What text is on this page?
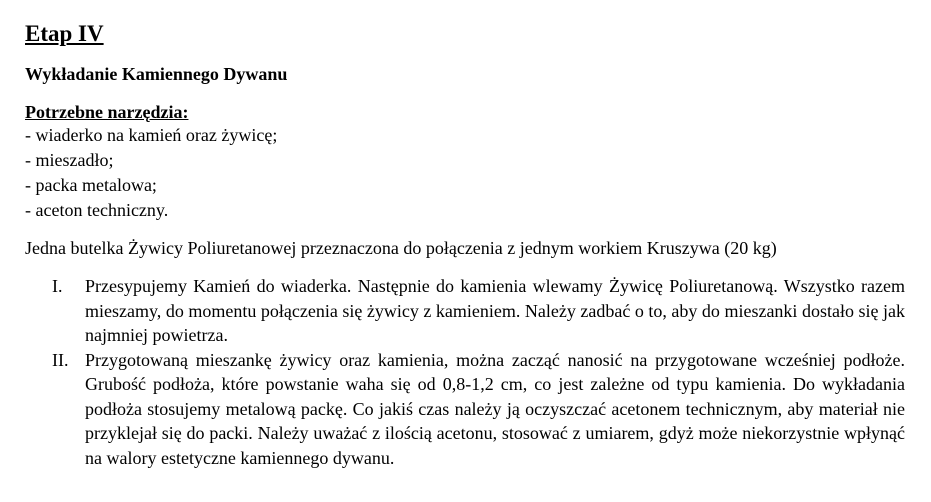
Etap IV
Wykładanie Kamiennego Dywanu
Potrzebne narzędzia:
- wiaderko na kamień oraz żywicę;
- mieszadło;
- packa metalowa;
- aceton techniczny.
Jedna butelka Żywicy Poliuretanowej przeznaczona do połączenia z jednym workiem Kruszywa (20 kg)
I. Przesypujemy Kamień do wiaderka. Następnie do kamienia wlewamy Żywicę Poliuretanową. Wszystko razem mieszamy, do momentu połączenia się żywicy z kamieniem. Należy zadbać o to, aby do mieszanki dostało się jak najmniej powietrza.
II. Przygotowaną mieszankę żywicy oraz kamienia, można zacząć nanosić na przygotowane wcześniej podłoże. Grubość podłoża, które powstanie waha się od 0,8-1,2 cm, co jest zależne od typu kamienia. Do wykładania podłoża stosujemy metalową packę. Co jakiś czas należy ją oczyszczać acetonem technicznym, aby materiał nie przyklejał się do packi. Należy uważać z ilością acetonu, stosować z umiarem, gdyż może niekorzystnie wpłynąć na walory estetyczne kamiennego dywanu.
